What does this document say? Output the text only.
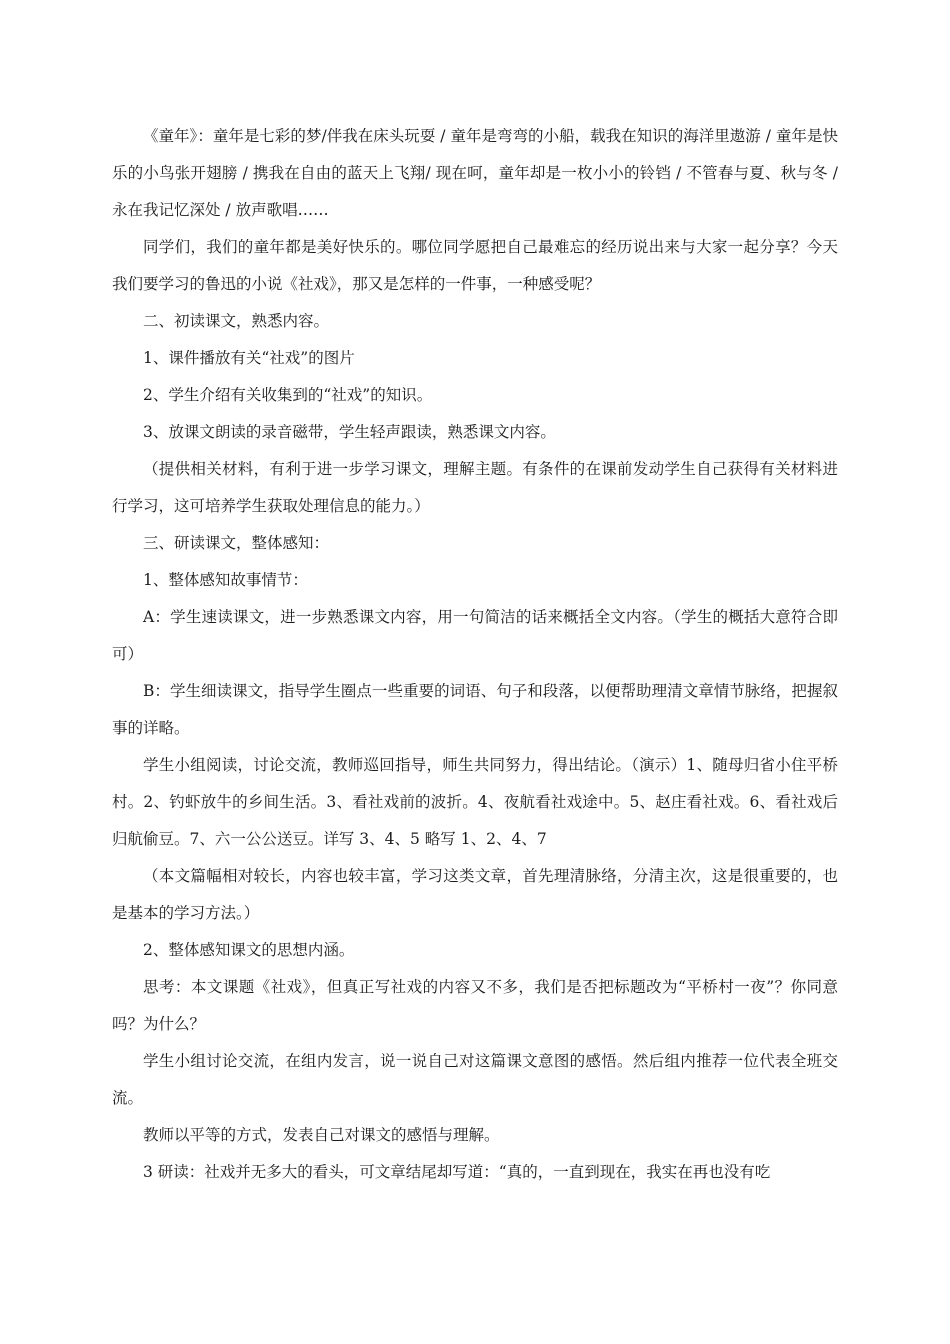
《童年》：童年是七彩的梦/伴我在床头玩耍 / 童年是弯弯的小船，载我在知识的海洋里遨游 / 童年是快乐的小鸟张开翅膀 / 携我在自由的蓝天上飞翔/ 现在呵，童年却是一枚小小的铃铛 / 不管春与夏、秋与冬 / 永在我记忆深处 / 放声歌唱……

同学们，我们的童年都是美好快乐的。哪位同学愿把自己最难忘的经历说出来与大家一起分享？今天我们要学习的鲁迅的小说《社戏》，那又是怎样的一件事，一种感受呢？

二、初读课文，熟悉内容。

1、课件播放有关“社戏”的图片

2、学生介绍有关收集到的“社戏”的知识。

3、放课文朗读的录音磁带，学生轻声跟读，熟悉课文内容。

（提供相关材料，有利于进一步学习课文，理解主题。有条件的在课前发动学生自己获得有关材料进行学习，这可培养学生获取处理信息的能力。）

三、研读课文，整体感知：

1、整体感知故事情节：

A：学生速读课文，进一步熟悉课文内容，用一句简洁的话来概括全文内容。（学生的概括大意符合即可）

B：学生细读课文，指导学生圈点一些重要的词语、句子和段落，以便帮助理清文章情节脉络，把握叙事的详略。

学生小组阅读，讨论交流，教师巡回指导，师生共同努力，得出结论。（演示）1、随母归省小住平桥村。2、钓虾放牛的乡间生活。3、看社戏前的波折。4、夜航看社戏途中。5、赵庄看社戏。6、看社戏后归航偷豆。7、六一公公送豆。详写 3、4、5 略写 1、2、4、7

（本文篇幅相对较长，内容也较丰富，学习这类文章，首先理清脉络，分清主次，这是很重要的，也是基本的学习方法。）

2、整体感知课文的思想内涵。

思考：本文课题《社戏》，但真正写社戏的内容又不多，我们是否把标题改为“平桥村一夜”？你同意吗？为什么？

学生小组讨论交流，在组内发言，说一说自己对这篇课文意图的感悟。然后组内推荐一位代表全班交流。

教师以平等的方式，发表自己对课文的感悟与理解。

3 研读：社戏并无多大的看头，可文章结尾却写道：“真的，一直到现在，我实在再也没有吃
